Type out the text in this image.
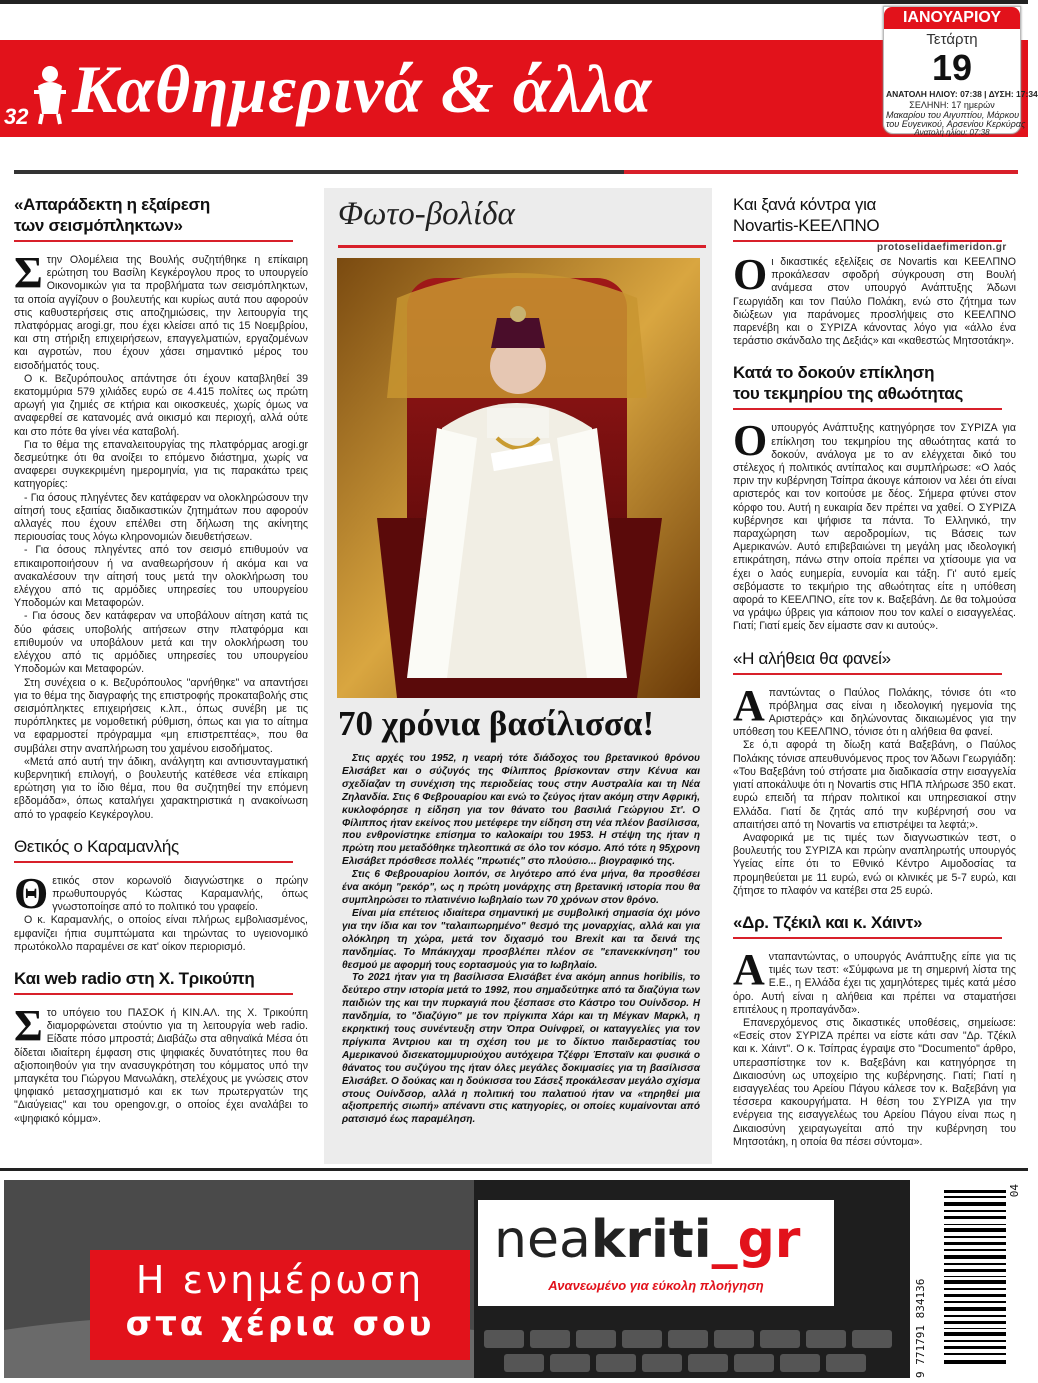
32 Καθημερινά & άλλα
ΙΑΝΟΥΑΡΙΟΥ
Τετάρτη
19
ΑΝΑΤΟΛΗ ΗΛΙΟΥ: 07:38 | ΔΥΣΗ: 17:34
ΣΕΛΗΝΗ: 17 ημερών
Μακαρίου του Αιγυπτίου, Μάρκου
του Ευγενικού, Αρσενίου Κερκύρας
Ανατολή ηλίου: 07:38
«Απαράδεκτη η εξαίρεση
των σεισμόπληκτων»
Σ την Ολομέλεια της Βουλής συζητήθηκε η επίκαιρη ερώτηση του Βασίλη Κεγκέρογλου προς το υπουργείο Οικονομικών για τα προβλήματα των σεισμόπληκτων, τα οποία αγγίζουν ο βουλευτής και κυρίως αυτά που αφορούν στις καθυστερήσεις στις αποζημιώσεις, την λειτουργία της πλατφόρμας arogi.gr, που έχει κλείσει από τις 15 Νοεμβρίου, και στη στήριξη επιχειρήσεων, επαγγελματιών, εργαζομένων και αγροτών, που έχουν χάσει σημαντικό μέρος του εισοδήματός τους.

Ο κ. Βεζυρόπουλος απάντησε ότι έχουν καταβληθεί 39 εκατομμύρια 579 χιλιάδες ευρώ σε 4.415 πολίτες ως πρώτη αρωγή για ζημιές σε κτήρια και οικοσκευές, χωρίς όμως να αναφερθεί σε κατανομές ανά οικισμό και περιοχή, αλλά ούτε και στο πότε θα γίνει νέα καταβολή.

Για το θέμα της επαναλειτουργίας της πλατφόρμας arogi.gr δεσμεύτηκε ότι θα ανοίξει το επόμενο διάστημα, χωρίς να αναφερει συγκεκριμένη ημερομηνία, για τις παρακάτω τρεις κατηγορίες:

- Για όσους πληγέντες δεν κατάφεραν να ολοκληρώσουν την αίτησή τους εξαιτίας διαδικαστικών ζητημάτων που αφορούν αλλαγές που έχουν επέλθει στη δήλωση της ακίνητης περιουσίας τους λόγω κληρονομιών διευθετήσεων.

- Για όσους πληγέντες από τον σεισμό επιθυμούν να επικαιροποιήσουν ή να αναθεωρήσουν ή ακόμα και να ανακαλέσουν την αίτησή τους μετά την ολοκλήρωση του ελέγχου από τις αρμόδιες υπηρεσίες του υπουργείου Υποδομών και Μεταφορών.

- Για όσους δεν κατάφεραν να υποβάλουν αίτηση κατά τις δύο φάσεις υποβολής αιτήσεων στην πλατφόρμα και επιθυμούν να υποβάλουν μετά και την ολοκλήρωση του ελέγχου από τις αρμόδιες υπηρεσίες του υπουργείου Υποδομών και Μεταφορών.

Στη συνέχεια ο κ. Βεζυρόπουλος "αρνήθηκε" να απαντήσει για το θέμα της διαγραφής της επιστροφής προκαταβολής στις σεισμόπληκτες επιχειρήσεις κ.λπ., όπως συνέβη με τις πυρόπληκτες με νομοθετική ρύθμιση, όπως και για το αίτημα να εφαρμοστεί πρόγραμμα «μη επιστρεπτέας», που θα συμβάλει στην αναπλήρωση του χαμένου εισοδήματος.

«Μετά από αυτή την άδικη, ανάλγητη και αντισυνταγματική κυβερνητική επιλογή, ο βουλευτής κατέθεσε νέα επίκαιρη ερώτηση για το ίδιο θέμα, που θα συζητηθεί την επόμενη εβδομάδα», όπως καταλήγει χαρακτηριστικά η ανακοίνωση από το γραφείο Κεγκέρογλου.

Θετικός ο Καραμανλής
Θ ετικός στον κορωνοϊό διαγνώστηκε ο πρώην πρωθυπουργός Κώστας Καραμανλής, όπως γνωστοποίησε από το πολιτικό του γραφείο.

Ο κ. Καραμανλής, ο οποίος είναι πλήρως εμβολιασμένος, εμφανίζει ήπια συμπτώματα και τηρώντας το υγειονομικό πρωτόκολλο παραμένει σε κατ' οίκον περιορισμό.

Και web radio στη Χ. Τρικούπη
Σ το υπόγειο του ΠΑΣΟΚ ή ΚΙΝ.ΑΛ. της Χ. Τρικούπη διαμορφώνεται στούντιο για τη λειτουργία web radio. Είδατε πόσο μπροστά; Διαβάζω στα αθηναϊκά Μέσα ότι δίδεται ιδιαίτερη έμφαση στις ψηφιακές δυνατότητες που θα αξιοποιηθούν για την ανασυγκρότηση του κόμματος υπό την μπαγκέτα του Γιώργου Μανωλάκη, στελέχους με γνώσεις στον ψηφιακό μετασχηματισμό και εκ των πρωτεργατών της "Διαύγειας" και του opengov.gr, ο οποίος έχει αναλάβει το «ψηφιακό κόμμα».

Φωτο-βολίδα
70 χρόνια βασίλισσα!

Στις αρχές του 1952, η νεαρή τότε διάδοχος του βρετανικού θρόνου Ελισάβετ και ο σύζυγός της Φίλιππος βρίσκονταν στην Κένυα και σχεδίαζαν τη συνέχιση της περιοδείας τους στην Αυστραλία και τη Νέα Ζηλανδία. Στις 6 Φεβρουαρίου και ενώ το ζεύγος ήταν ακόμη στην Αφρική, κυκλοφόρησε η είδηση για τον θάνατο του βασιλιά Γεώργιου Στ'. Ο Φίλιππος ήταν εκείνος που μετέφερε την είδηση στη νέα πλέον βασίλισσα, που ενθρονίστηκε επίσημα το καλοκαίρι του 1953. Η στέψη της ήταν η πρώτη που μεταδόθηκε τηλεοπτικά σε όλο τον κόσμο. Από τότε η 95χρονη Ελισάβετ πρόσθεσε πολλές "πρωτιές" στο πλούσιο... βιογραφικό της.

Στις 6 Φεβρουαρίου λοιπόν, σε λιγότερο από ένα μήνα, θα προσθέσει ένα ακόμη "ρεκόρ", ως η πρώτη μονάρχης στη βρετανική ιστορία που θα συμπληρώσει το πλατινένιο Ιωβηλαίο των 70 χρόνων στον θρόνο.

Είναι μία επέτειος ιδιαίτερα σημαντική με συμβολική σημασία όχι μόνο για την ίδια και τον "ταλαιπωρημένο" θεσμό της μοναρχίας, αλλά και για ολόκληρη τη χώρα, μετά τον διχασμό του Brexit και τα δεινά της πανδημίας. Το Μπάκιγχαμ προσβλέπει πλέον σε "επανεκκίνηση" του θεσμού με αφορμή τους εορτασμούς για το Ιωβηλαίο.

Το 2021 ήταν για τη βασίλισσα Ελισάβετ ένα ακόμη annus horibilis, το δεύτερο στην ιστορία μετά το 1992, που σημαδεύτηκε από τα διαζύγια των παιδιών της και την πυρκαγιά που ξέσπασε στο Κάστρο του Ουίνδσορ. Η πανδημία, το "διαζύγιο" με τον πρίγκιπα Χάρι και τη Μέγκαν Μαρκλ, η εκρηκτική τους συνέντευξη στην Όπρα Ουίνφρεϊ, οι καταγγελίες για τον πρίγκιπα Άντριου και τη σχέση του με το δίκτυο παιδεραστίας του Αμερικανού δισεκατομμυριούχου αυτόχειρα Τζέφρι Έπσταϊν και φυσικά ο θάνατος του συζύγου της ήταν όλες μεγάλες δοκιμασίες για τη βασίλισσα Ελισάβετ. Ο δούκας και η δούκισσα του Σάσεξ προκάλεσαν μεγάλο σχίσμα στους Ουίνδσορ, αλλά η πολιτική του παλατιού ήταν να «τηρηθεί μια αξιοπρεπής σιωπή» απέναντι στις κατηγορίες, οι οποίες κυμαίνονται από ρατσισμό έως παραμέληση.

Και ξανά κόντρα για
Novartis-ΚΕΕΛΠΝΟ
Ο ι δικαστικές εξελίξεις σε Novartis και ΚΕΕΛΠΝΟ προκάλεσαν σφοδρή σύγκρουση στη Βουλή ανάμεσα στον υπουργό Ανάπτυξης Άδωνι Γεωργιάδη και τον Παύλο Πολάκη, ενώ στο ζήτημα των διώξεων για παράνομες προσλήψεις στο ΚΕΕΛΠΝΟ παρενέβη και ο ΣΥΡΙΖΑ κάνοντας λόγο για «άλλο ένα τεράστιο σκάνδαλο της Δεξιάς» και «καθεστώς Μητσοτάκη».

Κατά το δοκούν επίκληση
του τεκμηρίου της αθωότητας
Ο υπουργός Ανάπτυξης κατηγόρησε τον ΣΥΡΙΖΑ για επίκληση του τεκμηρίου της αθωότητας κατά το δοκούν, ανάλογα με το αν ελέγχεται δικό του στέλεχος ή πολιτικός αντίπαλος και συμπλήρωσε: «Ο λαός πριν την κυβέρνηση Τσίπρα άκουγε κάποιον να λέει ότι είναι αριστερός και τον κοιτούσε με δέος. Σήμερα φτύνει στον κόρφο του. Αυτή η ευκαιρία δεν πρέπει να χαθεί. Ο ΣΥΡΙΖΑ κυβέρνησε και ψήφισε τα πάντα. Το Ελληνικό, την παραχώρηση των αεροδρομίων, τις Βάσεις των Αμερικανών. Αυτό επιβεβαιώνει τη μεγάλη μας ιδεολογική επικράτηση, πάνω στην οποία πρέπει να χτίσουμε για να έχει ο λαός ευημερία, ευνομία και τάξη. Γι' αυτό εμείς σεβόμαστε το τεκμήριο της αθωότητας είτε η υπόθεση αφορά το ΚΕΕΛΠΝΟ, είτε τον κ. Βαξεβάνη. Δε θα τολμούσα να γράψω ύβρεις για κάποιον που τον καλεί ο εισαγγελέας. Γιατί; Γιατί εμείς δεν είμαστε σαν κι αυτούς».

«Η αλήθεια θα φανεί»
Α παντώντας ο Παύλος Πολάκης, τόνισε ότι «το πρόβλημα σας είναι η ιδεολογική ηγεμονία της Αριστεράς» και δηλώνοντας δικαιωμένος για την υπόθεση του ΚΕΕΛΠΝΟ, τόνισε ότι η αλήθεια θα φανεί.

Σε ό,τι αφορά τη δίωξη κατά Βαξεβάνη, ο Παύλος Πολάκης τόνισε απευθυνόμενος προς τον Άδωνι Γεωργιάδη: «Του Βαξεβάνη τού στήσατε μια διαδικασία στην εισαγγελία γιατί αποκάλυψε ότι η Novartis στις ΗΠΑ πλήρωσε 350 εκατ. ευρώ επειδή τα πήραν πολιτικοί και υπηρεσιακοί στην Ελλάδα. Γιατί δε ζητάς από την κυβέρνησή σου να απαιτήσει από τη Novartis να επιστρέψει τα λεφτά;».

Αναφορικά με τις τιμές των διαγνωστικών τεστ, ο βουλευτής του ΣΥΡΙΖΑ και πρώην αναπληρωτής υπουργός Υγείας είπε ότι το Εθνικό Κέντρο Αιμοδοσίας τα προμηθεύεται με 11 ευρώ, ενώ οι κλινικές με 5-7 ευρώ, και ζήτησε το πλαφόν να κατέβει στα 25 ευρώ.

«Δρ. Τζέκιλ και κ. Χάιντ»
Α νταπαντώντας, ο υπουργός Ανάπτυξης είπε για τις τιμές των τεστ: «Σύμφωνα με τη σημερινή λίστα της Ε.Ε., η Ελλάδα έχει τις χαμηλότερες τιμές κατά μέσο όρο. Αυτή είναι η αλήθεια και πρέπει να σταματήσει επιτέλους η προπαγάνδα».

Επανερχόμενος στις δικαστικές υποθέσεις, σημείωσε: «Εσείς στον ΣΥΡΙΖΑ πρέπει να είστε κάτι σαν "Δρ. Τζέκιλ και κ. Χάιντ". Ο κ. Τσίπρας έγραψε στο "Documento" άρθρο, υπερασπίστηκε τον κ. Βαξεβάνη και κατηγόρησε τη Δικαιοσύνη ως υποχείριο της κυβέρνησης. Γιατί; Γιατί η εισαγγελέας του Αρείου Πάγου κάλεσε τον κ. Βαξεβάνη για τέσσερα κακουργήματα. Η θέση του ΣΥΡΙΖΑ για την ενέργεια της εισαγγελέως του Αρείου Πάγου είναι πως η Δικαιοσύνη χειραγωγείται από την κυβέρνηση του Μητσοτάκη, η οποία θα πέσει σύντομα».

protoselidaefimeridon.gr
Η ενημέρωση
στα χέρια σου
neakriti_gr
Ανανεωμένο για εύκολη πλοήγηση	9 771791 834136
04
